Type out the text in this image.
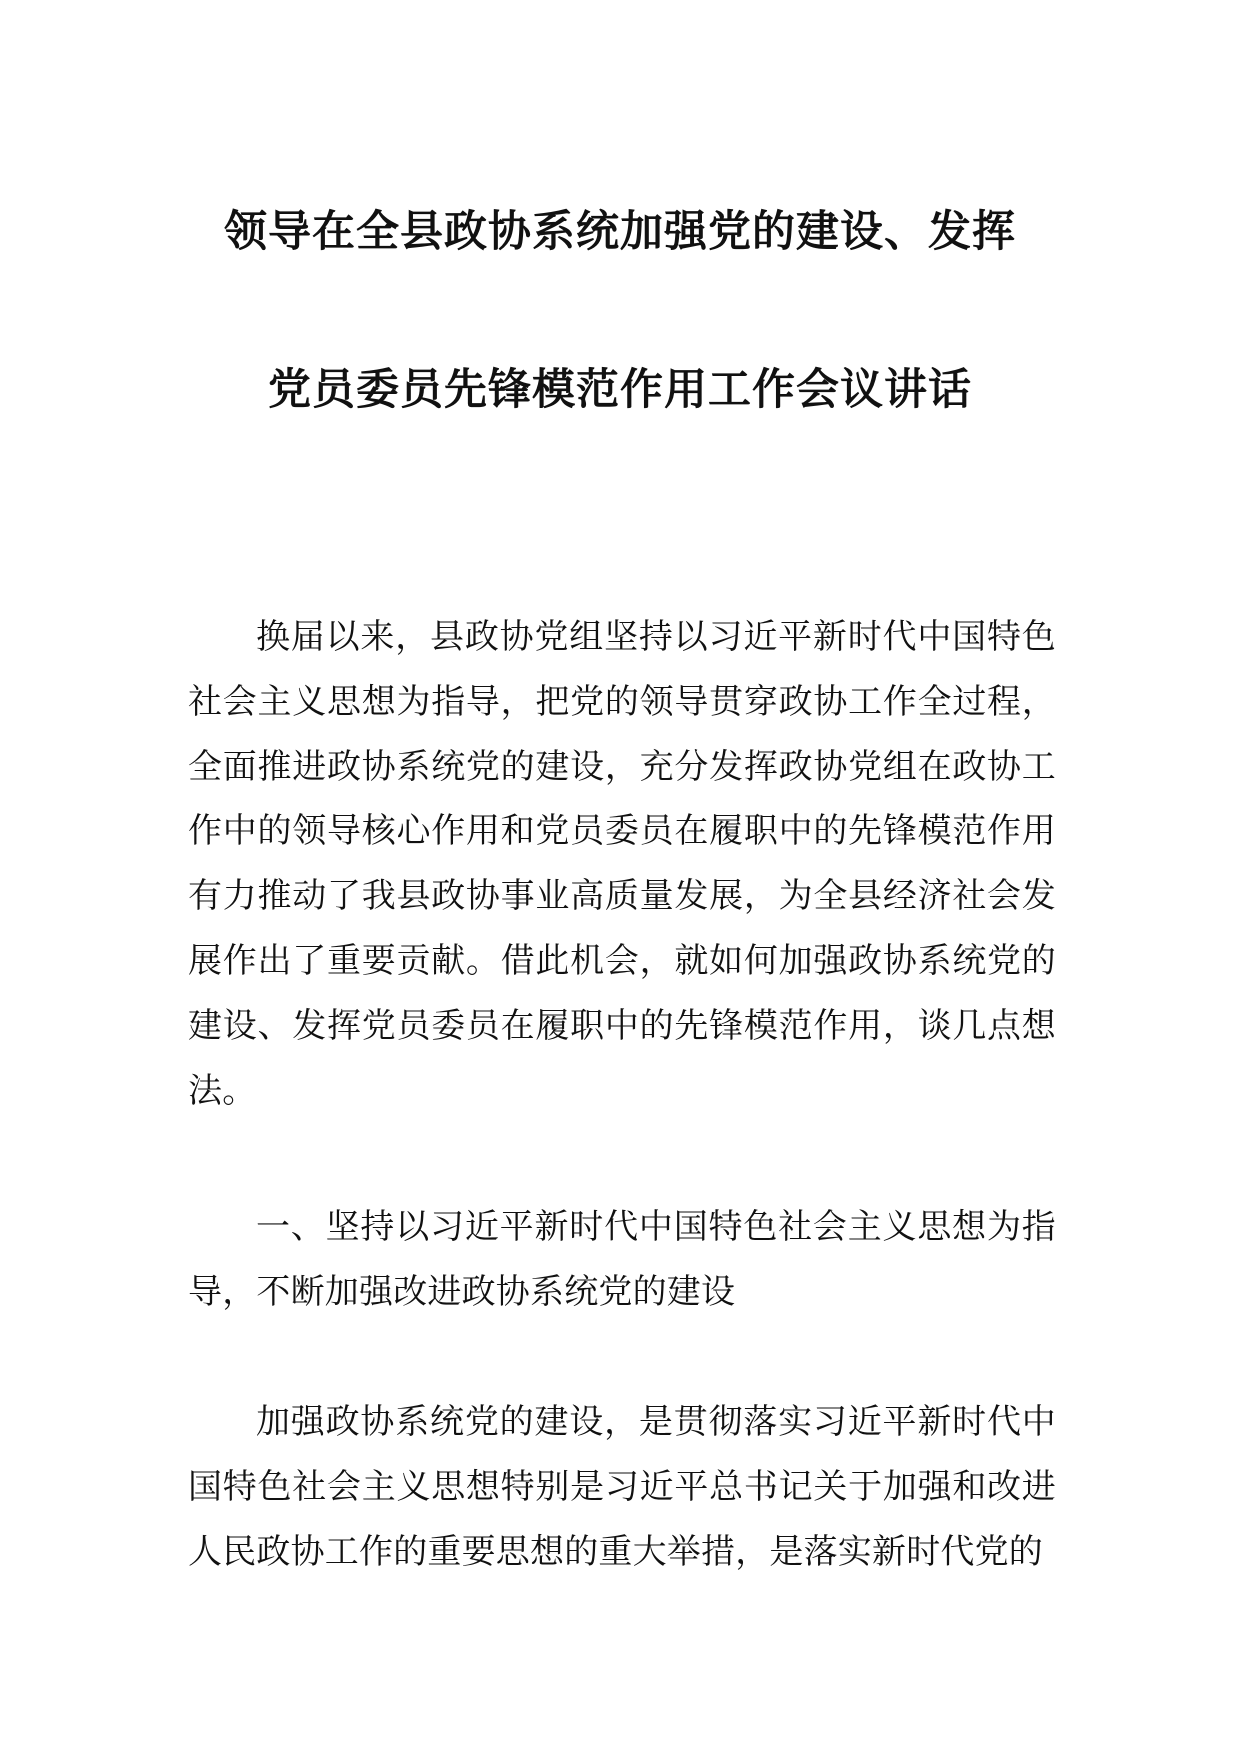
领导在全县政协系统加强党的建设、发挥
党员委员先锋模范作用工作会议讲话

换届以来，县政协党组坚持以习近平新时代中国特色社会主义思想为指导，把党的领导贯穿政协工作全过程，全面推进政协系统党的建设，充分发挥政协党组在政协工作中的领导核心作用和党员委员在履职中的先锋模范作用有力推动了我县政协事业高质量发展，为全县经济社会发展作出了重要贡献。借此机会，就如何加强政协系统党的建设、发挥党员委员在履职中的先锋模范作用，谈几点想法。

一、坚持以习近平新时代中国特色社会主义思想为指导，不断加强改进政协系统党的建设

加强政协系统党的建设，是贯彻落实习近平新时代中国特色社会主义思想特别是习近平总书记关于加强和改进人民政协工作的重要思想的重大举措，是落实新时代党的
